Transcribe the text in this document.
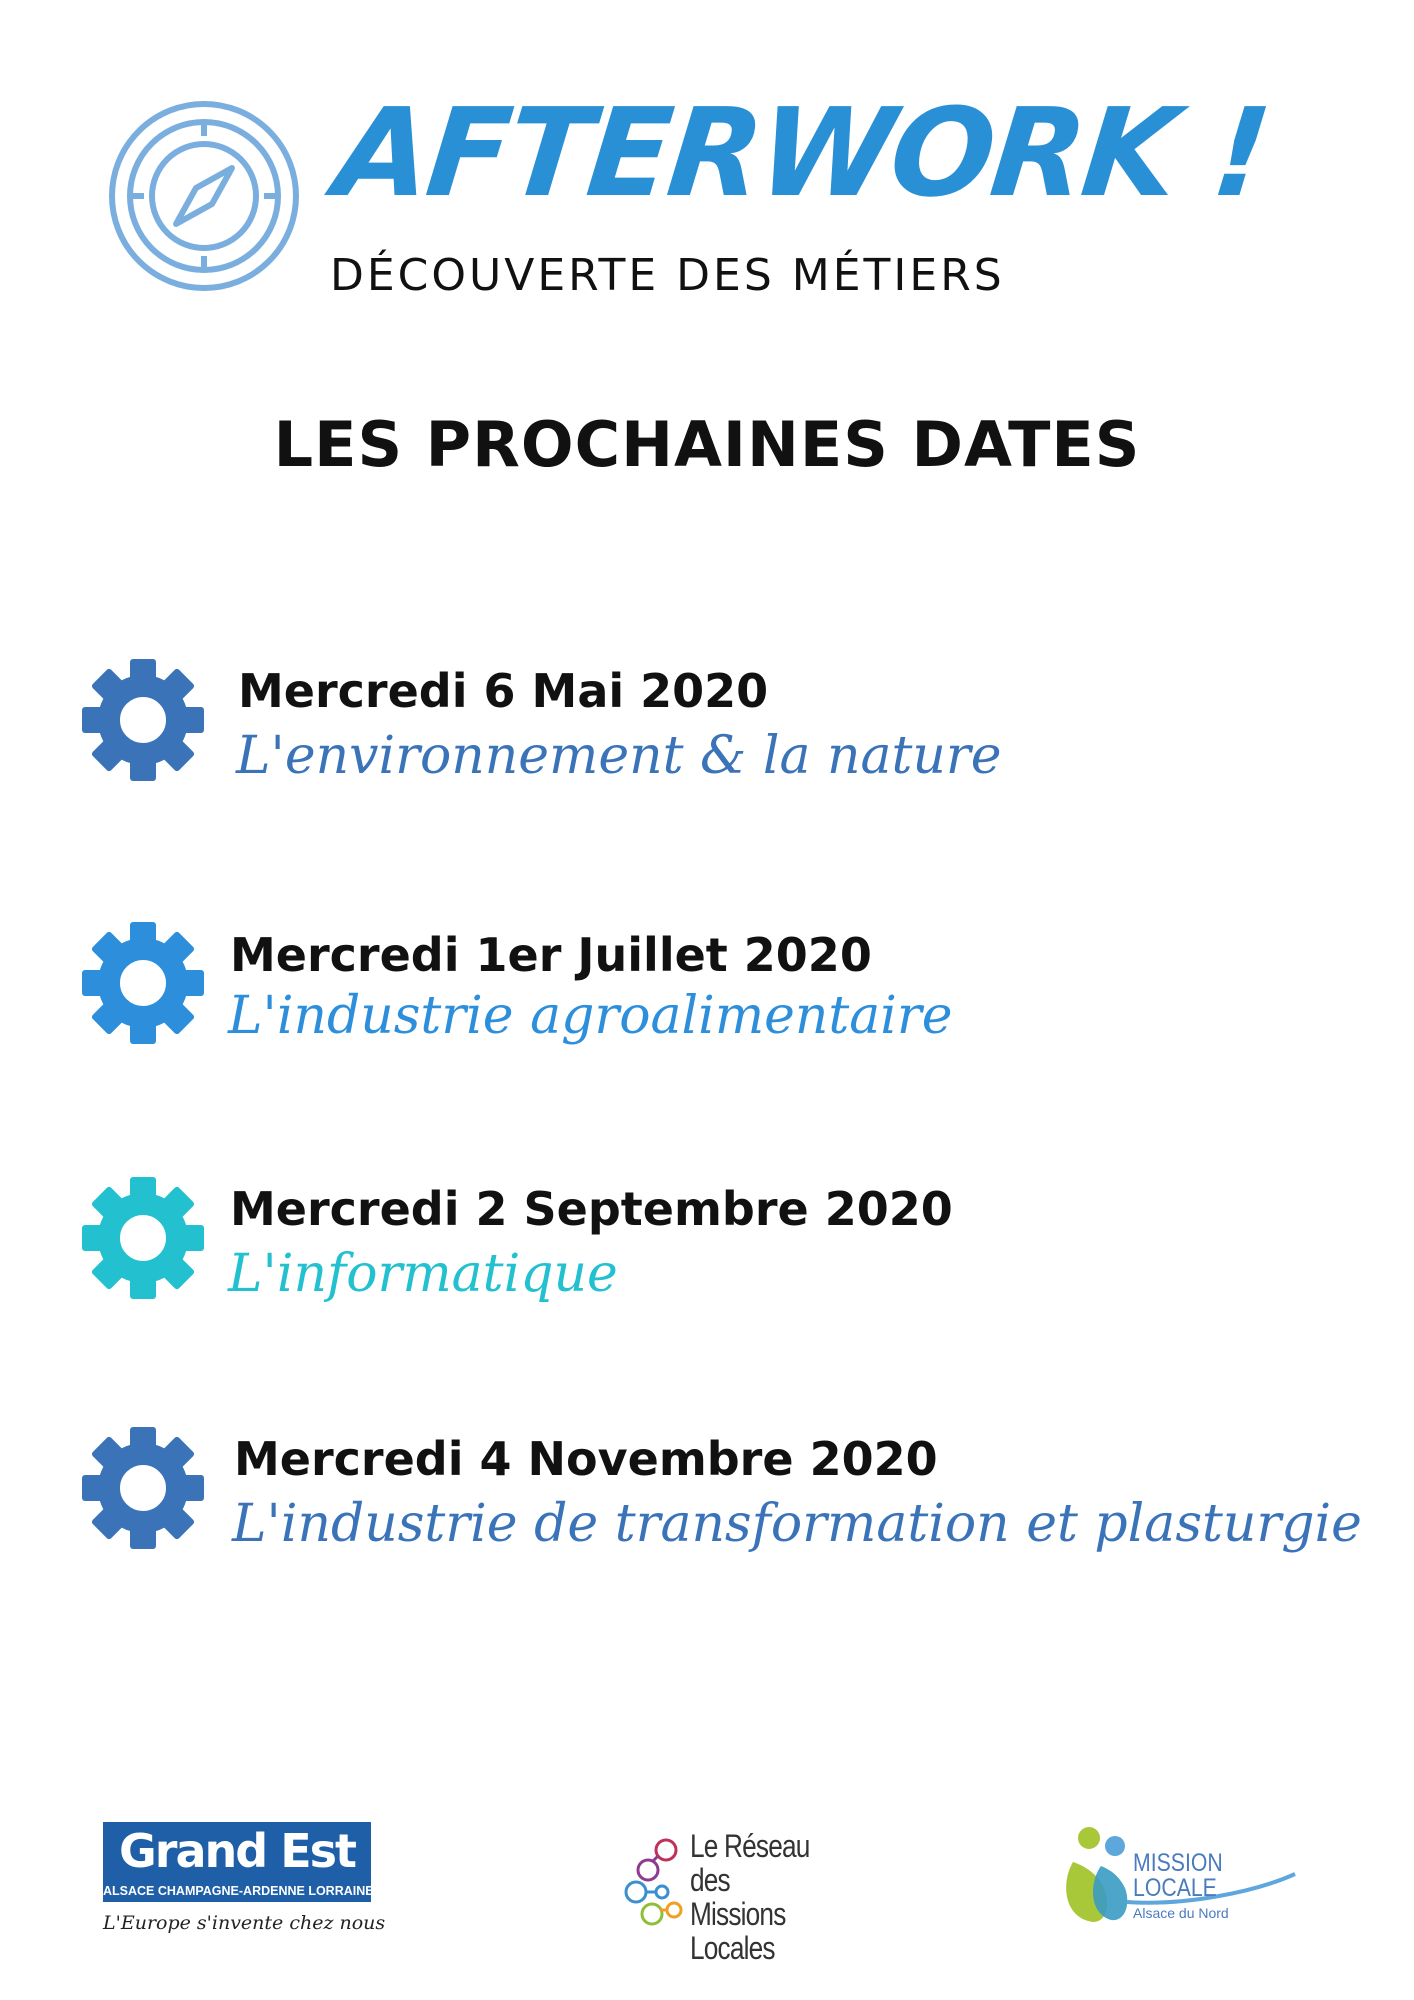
AFTERWORK !
DÉCOUVERTE DES MÉTIERS
LES PROCHAINES DATES
Mercredi 6 Mai 2020
L'environnement & la nature
Mercredi 1er Juillet 2020
L'industrie agroalimentaire
Mercredi 2 Septembre 2020
L'informatique
Mercredi 4 Novembre 2020
L'industrie de transformation et plasturgie
Grand Est
ALSACE CHAMPAGNE-ARDENNE LORRAINE
L'Europe s'invente chez nous
Le Réseau
des Missions
Locales
MISSION
LOCALE
Alsace du Nord
